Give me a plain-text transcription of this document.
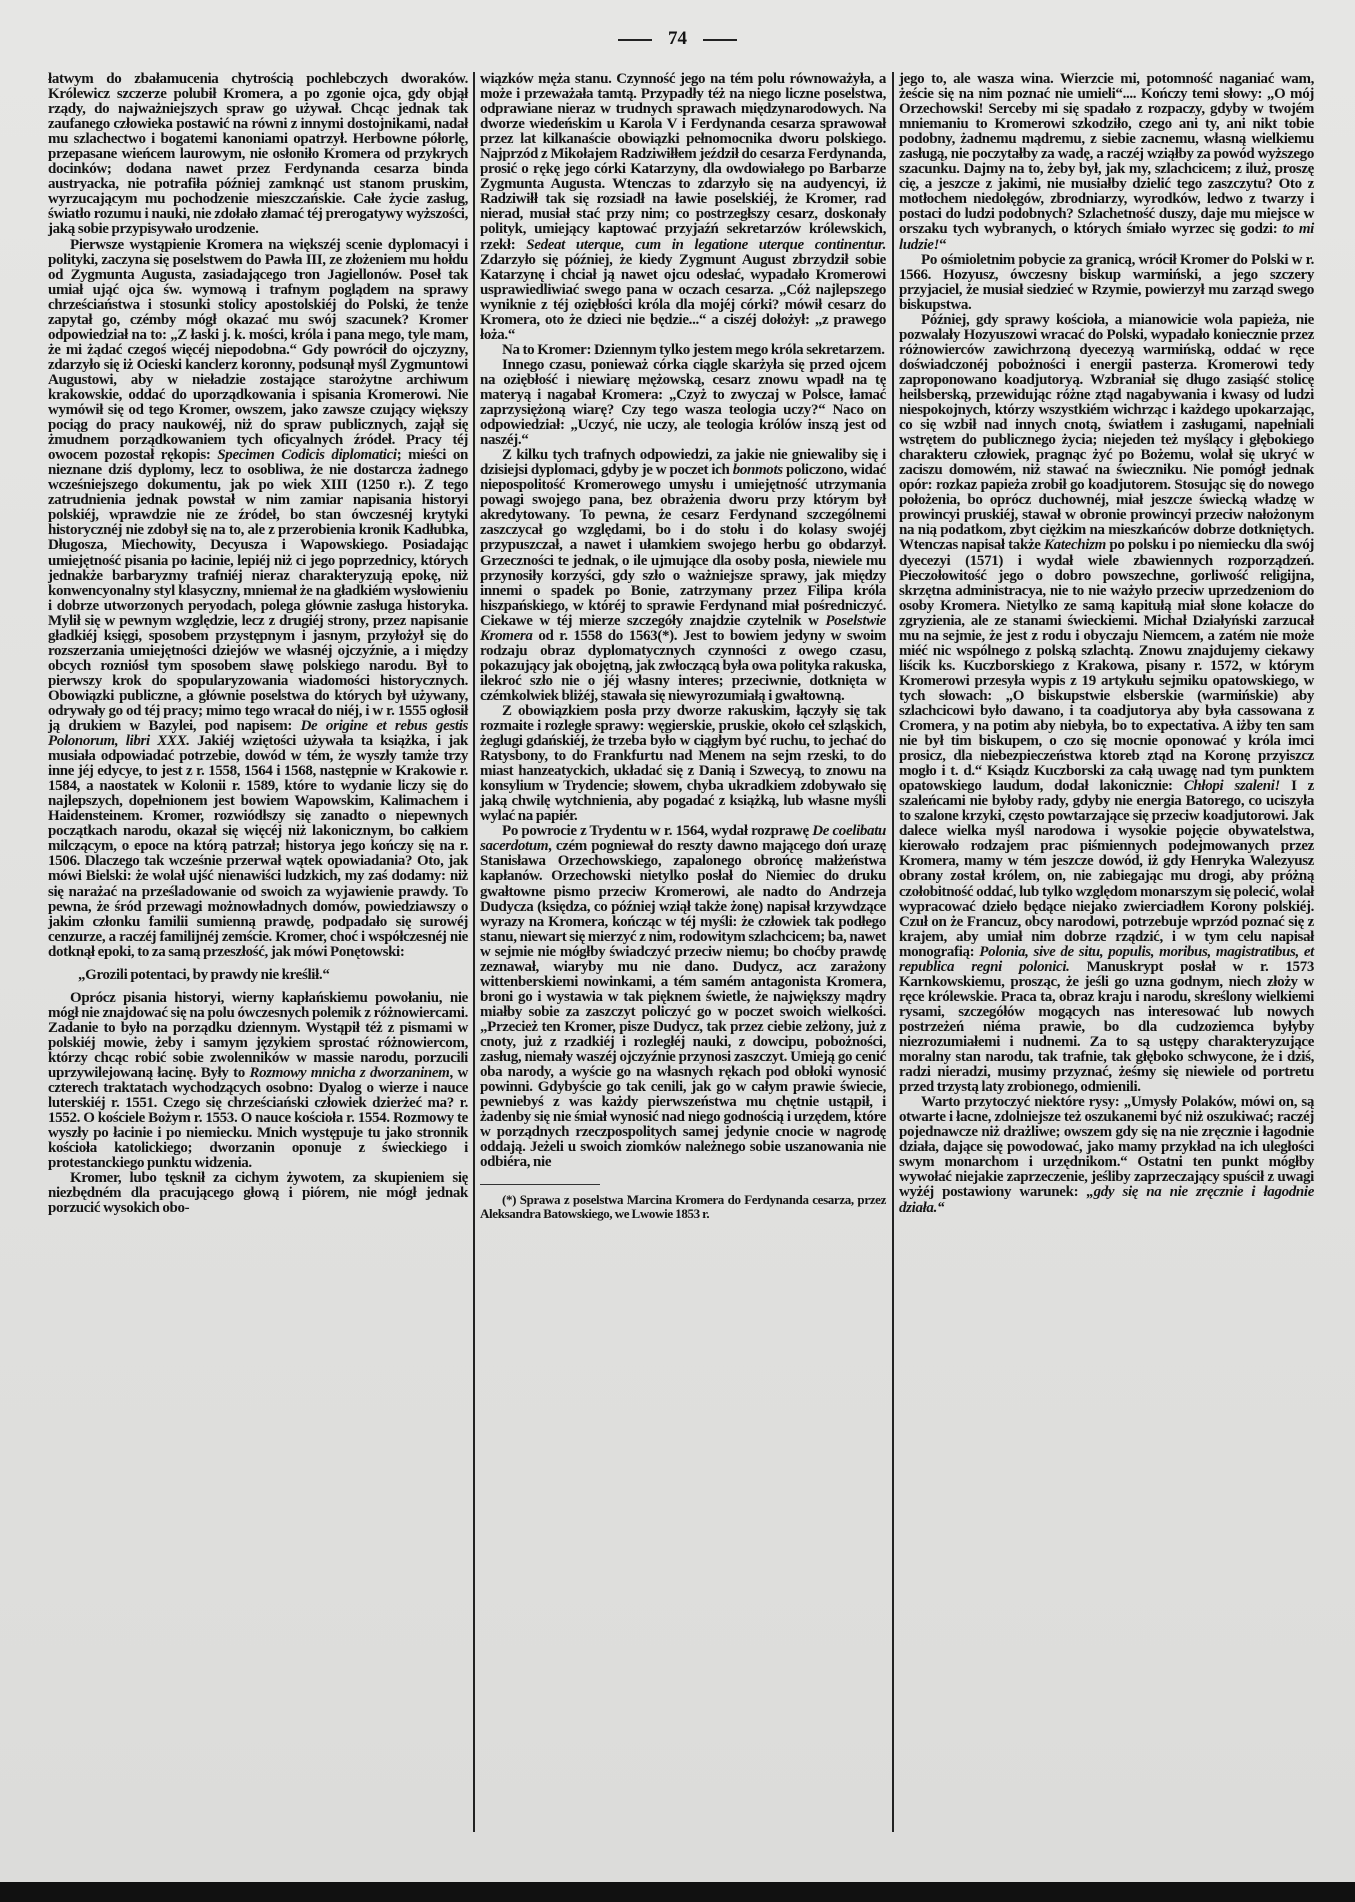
74

łatwym do zbałamucenia chytrością pochlebczych dworaków. Królewicz szczerze polubił Kromera, a po zgonie ojca, gdy objął rządy, do najważniejszych spraw go używał. Chcąc jednak tak zaufanego człowieka postawić na równi z innymi dostojnikami, nadał mu szlachectwo i bogatemi kanoniami opatrzył. Herbowne półorlę, przepasane wieńcem laurowym, nie osłoniło Kromera od przykrych docinków; dodana nawet przez Ferdynanda cesarza binda austryacka, nie potrafiła później zamknąć ust stanom pruskim, wyrzucającym mu pochodzenie mieszczańskie. Całe życie zasług, światło rozumu i nauki, nie zdołało złamać téj prerogatywy wyższości, jaką sobie przypisywało urodzenie.

Pierwsze wystąpienie Kromera na większéj scenie dyplomacyi i polityki, zaczyna się poselstwem do Pawła III, ze złożeniem mu hołdu od Zygmunta Augusta, zasiadającego tron Jagiellonów. Poseł tak umiał ująć ojca św. wymową i trafnym poglądem na sprawy chrześciaństwa i stosunki stolicy apostolskiéj do Polski, że tenże zapytał go, czémby mógł okazać mu swój szacunek? Kromer odpowiedział na to: „Z łaski j. k. mości, króla i pana mego, tyle mam, że mi żądać czegoś więcéj niepodobna.“ Gdy powrócił do ojczyzny, zdarzyło się iż Ocieski kanclerz koronny, podsunął myśl Zygmuntowi Augustowi, aby w nieładzie zostające starożytne archiwum krakowskie, oddać do uporządkowania i spisania Kromerowi. Nie wymówił się od tego Kromer, owszem, jako zawsze czujący większy pociąg do pracy naukowéj, niż do spraw publicznych, zajął się żmudnem porządkowaniem tych oficyalnych źródeł. Pracy téj owocem pozostał rękopis: Specimen Codicis diplomatici; mieści on nieznane dziś dyplomy, lecz to osobliwa, że nie dostarcza żadnego wcześniejszego dokumentu, jak po wiek XIII (1250 r.). Z tego zatrudnienia jednak powstał w nim zamiar napisania historyi polskiéj, wprawdzie nie ze źródeł, bo stan ówczesnéj krytyki historycznéj nie zdobył się na to, ale z przerobienia kronik Kadłubka, Długosza, Miechowity, Decyusza i Wapowskiego. Posiadając umiejętność pisania po łacinie, lepiéj niż ci jego poprzednicy, których jednakże barbaryzmy trafniéj nieraz charakteryzują epokę, niż konwencyonalny styl klasyczny, mniemał że na gładkiém wysłowieniu i dobrze utworzonych peryodach, polega głównie zasługa historyka. Mylił się w pewnym względzie, lecz z drugiéj strony, przez napisanie gładkiéj księgi, sposobem przystępnym i jasnym, przyłożył się do rozszerzania umiejętności dziejów we własnéj ojczyźnie, a i między obcych rozniósł tym sposobem sławę polskiego narodu. Był to pierwszy krok do spopularyzowania wiadomości historycznych. Obowiązki publiczne, a głównie poselstwa do których był używany, odrywały go od téj pracy; mimo tego wracał do niéj, i w r. 1555 ogłosił ją drukiem w Bazylei, pod napisem: De origine et rebus gestis Polonorum, libri XXX. Jakiéj wziętości używała ta książka, i jak musiała odpowiadać potrzebie, dowód w tém, że wyszły tamże trzy inne jéj edycye, to jest z r. 1558, 1564 i 1568, następnie w Krakowie r. 1584, a naostatek w Kolonii r. 1589, które to wydanie liczy się do najlepszych, dopełnionem jest bowiem Wapowskim, Kalimachem i Haidensteinem. Kromer, rozwiódłszy się zanadto o niepewnych początkach narodu, okazał się więcéj niż lakonicznym, bo całkiem milczącym, o epoce na którą patrzał; historya jego kończy się na r. 1506. Dlaczego tak wcześnie przerwał wątek opowiadania? Oto, jak mówi Bielski: że wolał ujść nienawiści ludzkich, my zaś dodamy: niż się narażać na prześladowanie od swoich za wyjawienie prawdy. To pewna, że śród przewagi możnowładnych domów, powiedziawszy o jakim członku familii sumienną prawdę, podpadało się surowéj cenzurze, a raczéj familijnéj zemście. Kromer, choć i współczesnéj nie dotknął epoki, to za samą przeszłość, jak mówi Ponętowski:

„Grozili potentaci, by prawdy nie kreślił.“

Oprócz pisania historyi, wierny kapłańskiemu powołaniu, nie mógł nie znajdować się na polu ówczesnych polemik z różnowiercami. Zadanie to było na porządku dziennym. Wystąpił téż z pismami w polskiéj mowie, żeby i samym językiem sprostać różnowiercom, którzy chcąc robić sobie zwolenników w massie narodu, porzucili uprzywilejowaną łacinę. Były to Rozmowy mnicha z dworzaninem, w czterech traktatach wychodzących osobno: Dyalog o wierze i nauce luterskiéj r. 1551. Czego się chrześciański człowiek dzierżeć ma? r. 1552. O kościele Bożym r. 1553. O nauce kościoła r. 1554. Rozmowy te wyszły po łacinie i po niemiecku. Mnich występuje tu jako stronnik kościoła katolickiego; dworzanin oponuje z świeckiego i protestanckiego punktu widzenia.

Kromer, lubo tęsknił za cichym żywotem, za skupieniem się niezbędném dla pracującego głową i piórem, nie mógł jednak porzucić wysokich obo-

wiązków męża stanu. Czynność jego na tém polu równoważyła, a może i przeważała tamtą. Przypadły téż na niego liczne poselstwa, odprawiane nieraz w trudnych sprawach międzynarodowych. Na dworze wiedeńskim u Karola V i Ferdynanda cesarza sprawował przez lat kilkanaście obowiązki pełnomocnika dworu polskiego. Najprzód z Mikołajem Radziwiłłem jeździł do cesarza Ferdynanda, prosić o rękę jego córki Katarzyny, dla owdowiałego po Barbarze Zygmunta Augusta. Wtenczas to zdarzyło się na audyencyi, iż Radziwiłł tak się rozsiadł na ławie poselskiéj, że Kromer, rad nierad, musiał stać przy nim; co postrzegłszy cesarz, doskonały polityk, umiejący kaptować przyjaźń sekretarzów królewskich, rzekł: Sedeat uterque, cum in legatione uterque continentur. Zdarzyło się później, że kiedy Zygmunt August zbrzydził sobie Katarzynę i chciał ją nawet ojcu odesłać, wypadało Kromerowi usprawiedliwiać swego pana w oczach cesarza. „Cóż najlepszego wyniknie z téj oziębłości króla dla mojéj córki? mówił cesarz do Kromera, oto że dzieci nie będzie...“ a ciszéj dołożył: „z prawego łoża.“

Na to Kromer: Dziennym tylko jestem mego króla sekretarzem.

Innego czasu, ponieważ córka ciągle skarżyła się przed ojcem na oziębłość i niewiarę mężowską, cesarz znowu wpadł na tę materyą i nagabał Kromera: „Czyż to zwyczaj w Polsce, łamać zaprzysiężoną wiarę? Czy tego wasza teologia uczy?“ Naco on odpowiedział: „Uczyć, nie uczy, ale teologia królów inszą jest od naszéj.“

Z kilku tych trafnych odpowiedzi, za jakie nie gniewaliby się i dzisiejsi dyplomaci, gdyby je w poczet ich bonmots policzono, widać niepospolitość Kromerowego umysłu i umiejętność utrzymania powagi swojego pana, bez obrażenia dworu przy którym był akredytowany. To pewna, że cesarz Ferdynand szczególnemi zaszczycał go względami, bo i do stołu i do kolasy swojéj przypuszczał, a nawet i ułamkiem swojego herbu go obdarzył. Grzeczności te jednak, o ile ujmujące dla osoby posła, niewiele mu przynosiły korzyści, gdy szło o ważniejsze sprawy, jak między innemi o spadek po Bonie, zatrzymany przez Filipa króla hiszpańskiego, w któréj to sprawie Ferdynand miał pośredniczyć. Ciekawe w téj mierze szczegóły znajdzie czytelnik w Poselstwie Kromera od r. 1558 do 1563(*). Jest to bowiem jedyny w swoim rodzaju obraz dyplomatycznych czynności z owego czasu, pokazujący jak obojętną, jak zwłoczącą była owa polityka rakuska, ilekroć szło nie o jéj własny interes; przeciwnie, dotknięta w czémkolwiek bliżéj, stawała się niewyrozumiałą i gwałtowną.

Z obowiązkiem posła przy dworze rakuskim, łączyły się tak rozmaite i rozległe sprawy: węgierskie, pruskie, około ceł szląskich, żeglugi gdańskiéj, że trzeba było w ciągłym być ruchu, to jechać do Ratysbony, to do Frankfurtu nad Menem na sejm rzeski, to do miast hanzeatyckich, układać się z Danią i Szwecyą, to znowu na konsylium w Trydencie; słowem, chyba ukradkiem zdobywało się jaką chwilę wytchnienia, aby pogadać z książką, lub własne myśli wylać na papiér.

Po powrocie z Trydentu w r. 1564, wydał rozprawę De coelibatu sacerdotum, czém pogniewał do reszty dawno mającego doń urazę Stanisława Orzechowskiego, zapalonego obrońcę małżeństwa kapłanów. Orzechowski nietylko posłał do Niemiec do druku gwałtowne pismo przeciw Kromerowi, ale nadto do Andrzeja Dudycza (księdza, co później wziął także żonę) napisał krzywdzące wyrazy na Kromera, kończąc w téj myśli: że człowiek tak podłego stanu, niewart się mierzyć z nim, rodowitym szlachcicem; ba, nawet w sejmie nie mógłby świadczyć przeciw niemu; bo choćby prawdę zeznawał, wiaryby mu nie dano. Dudycz, acz zarażony wittenberskiemi nowinkami, a tém samém antagonista Kromera, broni go i wystawia w tak pięknem świetle, że największy mądry miałby sobie za zaszczyt policzyć go w poczet swoich wielkości. „Przecież ten Kromer, pisze Dudycz, tak przez ciebie zelżony, już z cnoty, już z rzadkiéj i rozległéj nauki, z dowcipu, pobożności, zasług, niemały waszéj ojczyźnie przynosi zaszczyt. Umieją go cenić oba narody, a wyście go na własnych rękach pod obłoki wynosić powinni. Gdybyście go tak cenili, jak go w całym prawie świecie, pewniebyś z was każdy pierwszeństwa mu chętnie ustąpił, i żadenby się nie śmiał wynosić nad niego godnością i urzędem, które w porządnych rzeczpospolitych samej jedynie cnocie w nagrodę oddają. Jeżeli u swoich ziomków należnego sobie uszanowania nie odbiéra, nie

(*) Sprawa z poselstwa Marcina Kromera do Ferdynanda cesarza, przez Aleksandra Batowskiego, we Lwowie 1853 r.

jego to, ale wasza wina. Wierzcie mi, potomność naganiać wam, żeście się na nim poznać nie umieli“.... Kończy temi słowy: „O mój Orzechowski! Serceby mi się spadało z rozpaczy, gdyby w twojém mniemaniu to Kromerowi szkodziło, czego ani ty, ani nikt tobie podobny, żadnemu mądremu, z siebie zacnemu, własną wielkiemu zasługą, nie poczytałby za wadę, a raczéj wziąłby za powód wyższego szacunku. Dajmy na to, żeby był, jak my, szlachcicem; z iluż, proszę cię, a jeszcze z jakimi, nie musiałby dzielić tego zaszczytu? Oto z motłochem niedołęgów, zbrodniarzy, wyrodków, ledwo z twarzy i postaci do ludzi podobnych? Szlachetność duszy, daje mu miejsce w orszaku tych wybranych, o których śmiało wyrzec się godzi: to mi ludzie!“

Po ośmioletnim pobycie za granicą, wrócił Kromer do Polski w r. 1566. Hozyusz, ówczesny biskup warmiński, a jego szczery przyjaciel, że musiał siedzieć w Rzymie, powierzył mu zarząd swego biskupstwa.

Później, gdy sprawy kościoła, a mianowicie wola papieża, nie pozwalały Hozyuszowi wracać do Polski, wypadało koniecznie przez różnowierców zawichrzoną dyecezyą warmińską, oddać w ręce doświadczonéj pobożności i energii pasterza. Kromerowi tedy zaproponowano koadjutoryą. Wzbraniał się długo zasiąść stolicę heilsberską, przewidując różne ztąd nagabywania i kwasy od ludzi niespokojnych, którzy wszystkiém wichrząc i każdego upokarzając, co się wzbił nad innych cnotą, światłem i zasługami, napełniali wstrętem do publicznego życia; niejeden też myślący i głębokiego charakteru człowiek, pragnąc żyć po Bożemu, wolał się ukryć w zaciszu domowém, niż stawać na świeczniku. Nie pomógł jednak opór: rozkaz papieża zrobił go koadjutorem. Stosując się do nowego położenia, bo oprócz duchownéj, miał jeszcze świecką władzę w prowincyi pruskiéj, stawał w obronie prowincyi przeciw nałożonym na nią podatkom, zbyt ciężkim na mieszkańców dobrze dotkniętych. Wtenczas napisał także Katechizm po polsku i po niemiecku dla swój dyecezyi (1571) i wydał wiele zbawiennych rozporządzeń. Pieczołowitość jego o dobro powszechne, gorliwość religijna, skrzętna administracya, nie to nie ważyło przeciw uprzedzeniom do osoby Kromera. Nietylko ze samą kapitułą miał słone kołacze do zgryzienia, ale ze stanami świeckiemi. Michał Działyński zarzucał mu na sejmie, że jest z rodu i obyczaju Niemcem, a zatém nie może miéć nic wspólnego z polską szlachtą. Znowu znajdujemy ciekawy liścik ks. Kuczborskiego z Krakowa, pisany r. 1572, w którym Kromerowi przesyła wypis z 19 artykułu sejmiku opatowskiego, w tych słowach: „O biskupstwie elsberskie (warmińskie) aby szlachcicowi było dawano, i ta coadjutorya aby była cassowana z Cromera, y na potim aby niebyła, bo to expectativa. A iżby ten sam nie był tim biskupem, o czo się mocnie oponować y króla imci prosicz, dla niebezpieczeństwa ktoreb ztąd na Koronę przyiszcz mogło i t. d.“ Ksiądz Kuczborski za całą uwagę nad tym punktem opatowskiego laudum, dodał lakonicznie: Chłopi szaleni! I z szaleńcami nie byłoby rady, gdyby nie energia Batorego, co uciszyła to szalone krzyki, często powtarzające się przeciw koadjutorowi. Jak dalece wielka myśl narodowa i wysokie pojęcie obywatelstwa, kierowało rodzajem prac piśmiennych podejmowanych przez Kromera, mamy w tém jeszcze dowód, iż gdy Henryka Walezyusz obrany został królem, on, nie zabiegając mu drogi, aby próżną czołobitność oddać, lub tylko względom monarszym się polecić, wolał wypracować dzieło będące niejako zwierciadłem Korony polskiéj. Czuł on że Francuz, obcy narodowi, potrzebuje wprzód poznać się z krajem, aby umiał nim dobrze rządzić, i w tym celu napisał monografią: Polonia, sive de situ, populis, moribus, magistratibus, et republica regni polonici. Manuskrypt posłał w r. 1573 Karnkowskiemu, prosząc, że jeśli go uzna godnym, niech złoży w ręce królewskie. Praca ta, obraz kraju i narodu, skreślony wielkiemi rysami, szczegółów mogących nas interesować lub nowych postrzeżeń niéma prawie, bo dla cudzoziemca byłyby niezrozumiałemi i nudnemi. Za to są ustępy charakteryzujące moralny stan narodu, tak trafnie, tak głęboko schwycone, że i dziś, radzi nieradzi, musimy przyznać, żeśmy się niewiele od portretu przed trzystą laty zrobionego, odmienili.

Warto przytoczyć niektóre rysy: „Umysły Polaków, mówi on, są otwarte i łacne, zdolniejsze też oszukanemi być niż oszukiwać; raczéj pojednawcze niż drażliwe; owszem gdy się na nie zręcznie i łagodnie działa, dające się powodować, jako mamy przykład na ich uległości swym monarchom i urzędnikom.“ Ostatni ten punkt mógłby wywołać niejakie zaprzeczenie, jeśliby zaprzeczający spuścił z uwagi wyżéj postawiony warunek: „gdy się na nie zręcznie i łagodnie działa.“
